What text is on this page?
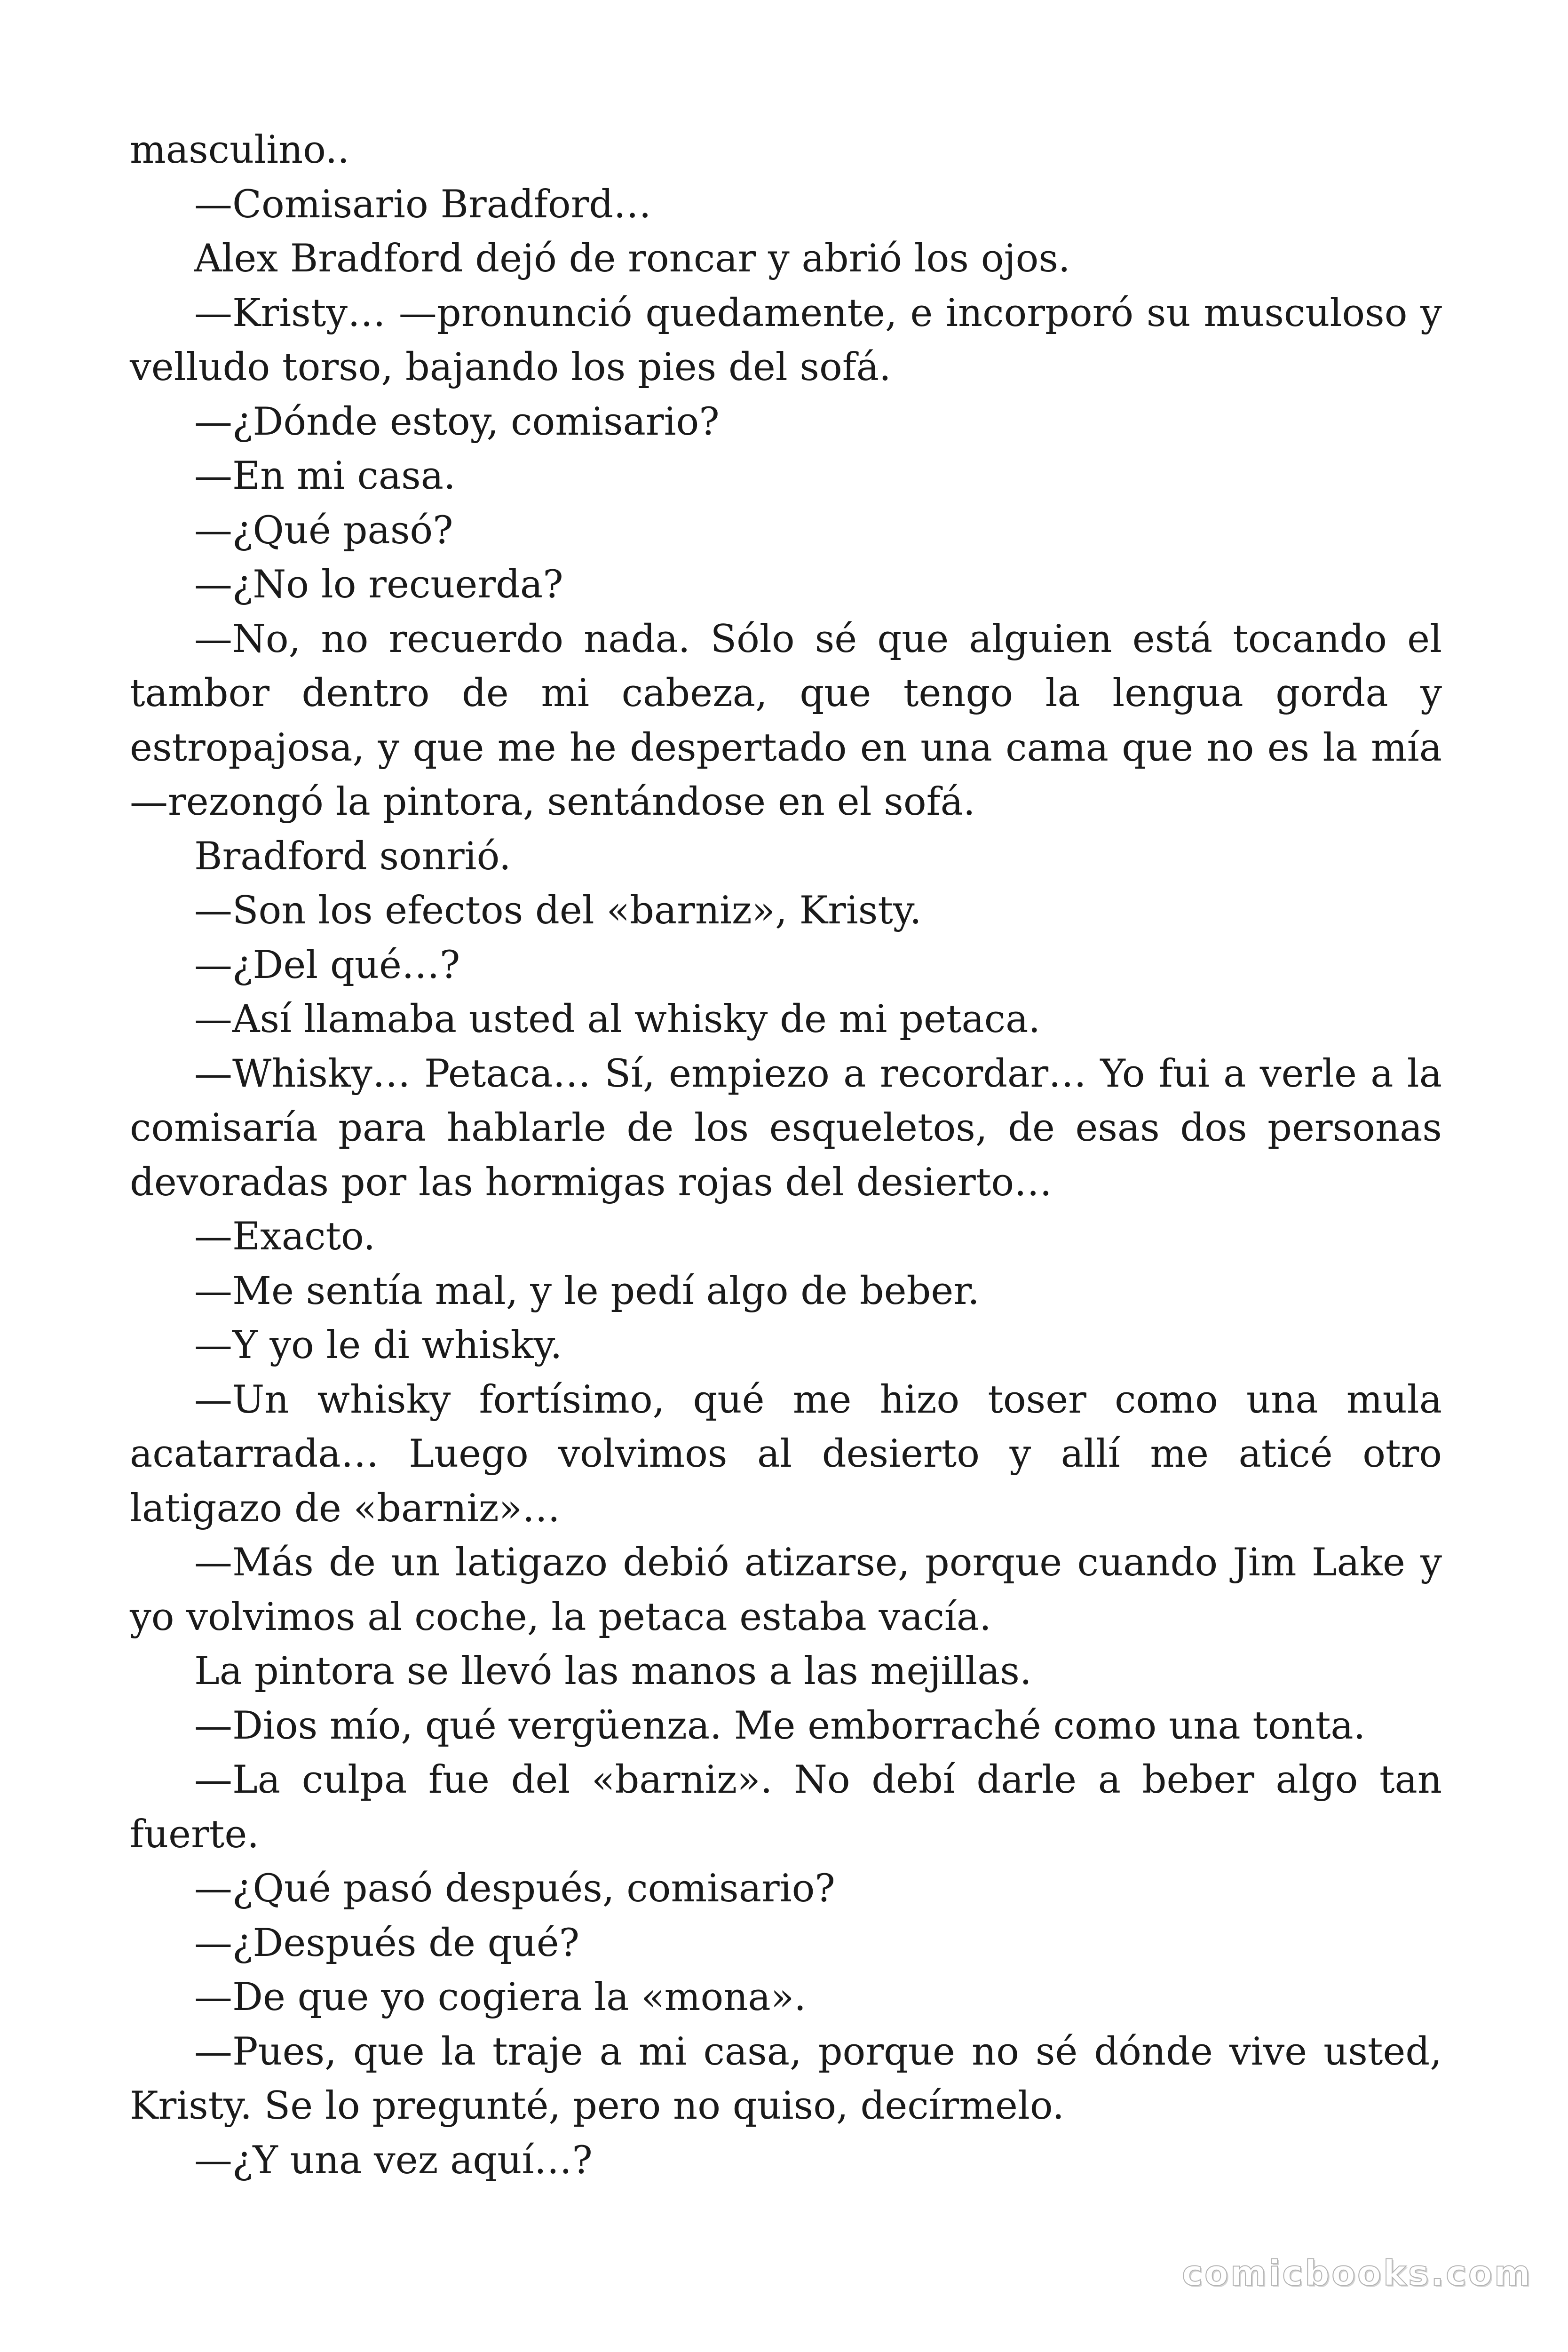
masculino..

—Comisario Bradford…

Alex Bradford dejó de roncar y abrió los ojos.

—Kristy… —pronunció quedamente, e incorporó su musculoso y velludo torso, bajando los pies del sofá.

—¿Dónde estoy, comisario?

—En mi casa.

—¿Qué pasó?

—¿No lo recuerda?

—No, no recuerdo nada. Sólo sé que alguien está tocando el tambor dentro de mi cabeza, que tengo la lengua gorda y estropajosa, y que me he despertado en una cama que no es la mía —rezongó la pintora, sentándose en el sofá.

Bradford sonrió.

—Son los efectos del «barniz», Kristy.

—¿Del qué…?

—Así llamaba usted al whisky de mi petaca.

—Whisky… Petaca… Sí, empiezo a recordar… Yo fui a verle a la comisaría para hablarle de los esqueletos, de esas dos personas devoradas por las hormigas rojas del desierto…

—Exacto.

—Me sentía mal, y le pedí algo de beber.

—Y yo le di whisky.

—Un whisky fortísimo, qué me hizo toser como una mula acatarrada… Luego volvimos al desierto y allí me aticé otro latigazo de «barniz»…

—Más de un latigazo debió atizarse, porque cuando Jim Lake y yo volvimos al coche, la petaca estaba vacía.

La pintora se llevó las manos a las mejillas.

—Dios mío, qué vergüenza. Me emborraché como una tonta.

—La culpa fue del «barniz». No debí darle a beber algo tan fuerte.

—¿Qué pasó después, comisario?

—¿Después de qué?

—De que yo cogiera la «mona».

—Pues, que la traje a mi casa, porque no sé dónde vive usted, Kristy. Se lo pregunté, pero no quiso, decírmelo.

—¿Y una vez aquí…?

comicbooks.com
